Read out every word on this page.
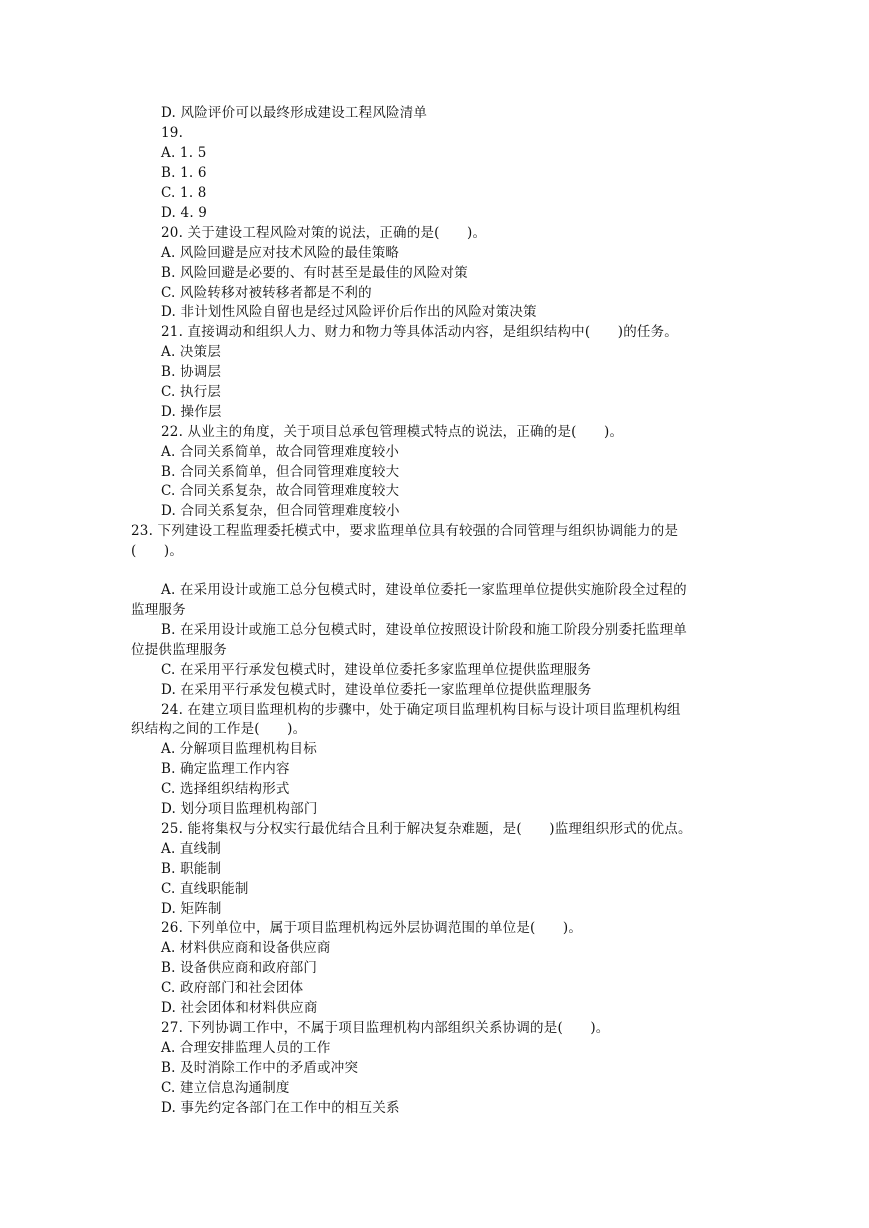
D. 风险评价可以最终形成建设工程风险清单
19.
A. 1. 5
B. 1. 6
C. 1. 8
D. 4. 9
20. 关于建设工程风险对策的说法，正确的是(　　)。
A. 风险回避是应对技术风险的最佳策略
B. 风险回避是必要的、有时甚至是最佳的风险对策
C. 风险转移对被转移者都是不利的
D. 非计划性风险自留也是经过风险评价后作出的风险对策决策
21. 直接调动和组织人力、财力和物力等具体活动内容，是组织结构中(　　)的任务。
A. 决策层
B. 协调层
C. 执行层
D. 操作层
22. 从业主的角度，关于项目总承包管理模式特点的说法，正确的是(　　)。
A. 合同关系简单，故合同管理难度较小
B. 合同关系简单，但合同管理难度较大
C. 合同关系复杂，故合同管理难度较大
D. 合同关系复杂，但合同管理难度较小
23. 下列建设工程监理委托模式中，要求监理单位具有较强的合同管理与组织协调能力的是
(　　)。
A. 在采用设计或施工总分包模式时，建设单位委托一家监理单位提供实施阶段全过程的
监理服务
B. 在采用设计或施工总分包模式时，建设单位按照设计阶段和施工阶段分别委托监理单
位提供监理服务
C. 在采用平行承发包模式时，建设单位委托多家监理单位提供监理服务
D. 在采用平行承发包模式时，建设单位委托一家监理单位提供监理服务
24. 在建立项目监理机构的步骤中，处于确定项目监理机构目标与设计项目监理机构组
织结构之间的工作是(　　)。
A. 分解项目监理机构目标
B. 确定监理工作内容
C. 选择组织结构形式
D. 划分项目监理机构部门
25. 能将集权与分权实行最优结合且利于解决复杂难题，是(　　)监理组织形式的优点。
A. 直线制
B. 职能制
C. 直线职能制
D. 矩阵制
26. 下列单位中，属于项目监理机构远外层协调范围的单位是(　　)。
A. 材料供应商和设备供应商
B. 设备供应商和政府部门
C. 政府部门和社会团体
D. 社会团体和材料供应商
27. 下列协调工作中，不属于项目监理机构内部组织关系协调的是(　　)。
A. 合理安排监理人员的工作
B. 及时消除工作中的矛盾或冲突
C. 建立信息沟通制度
D. 事先约定各部门在工作中的相互关系
